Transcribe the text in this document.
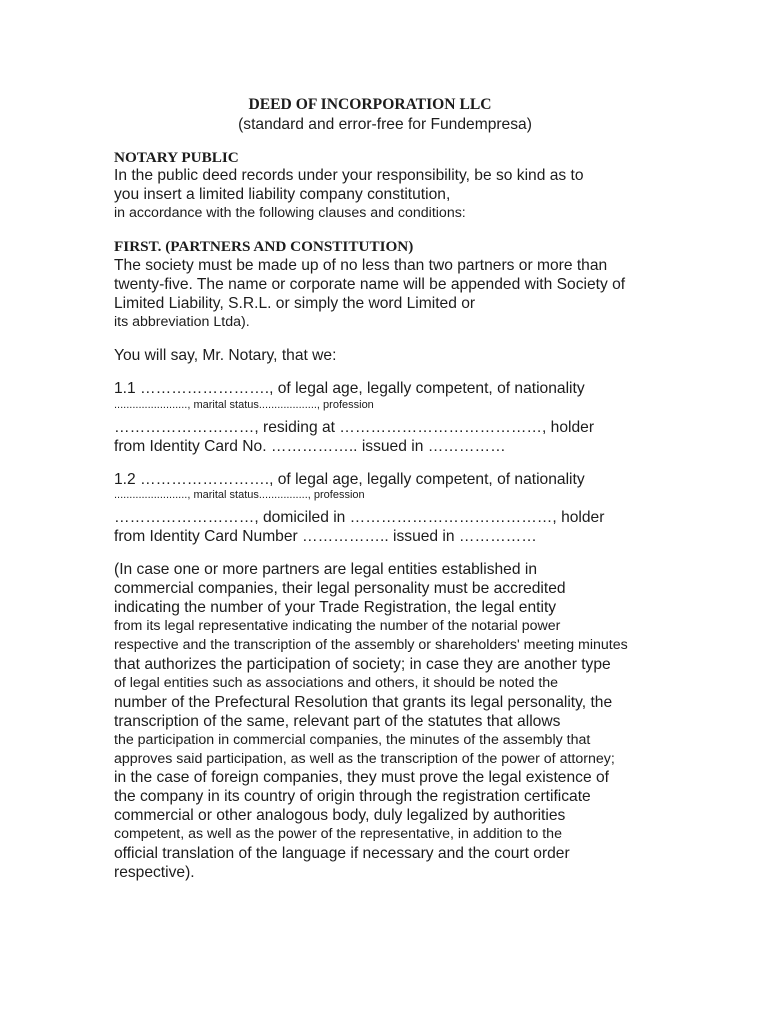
DEED OF INCORPORATION LLC
(standard and error-free for Fundempresa)
NOTARY PUBLIC
In the public deed records under your responsibility, be so kind as to
you insert a limited liability company constitution,
in accordance with the following clauses and conditions:
FIRST. (PARTNERS AND CONSTITUTION)
The society must be made up of no less than two partners or more than
twenty-five. The name or corporate name will be appended with Society of
Limited Liability, S.R.L. or simply the word Limited or
its abbreviation Ltda).
You will say, Mr. Notary, that we:
1.1 ……………………., of legal age, legally competent, of nationality
........................, marital status..................., profession
………………………, residing at …………………………………, holder
from Identity Card No. …………….. issued in ……………
1.2 ……………………., of legal age, legally competent, of nationality
........................, marital status................, profession
………………………, domiciled in …………………………………, holder
from Identity Card Number …………….. issued in ……………
(In case one or more partners are legal entities established in
commercial companies, their legal personality must be accredited
indicating the number of your Trade Registration, the legal entity
from its legal representative indicating the number of the notarial power
respective and the transcription of the assembly or shareholders' meeting minutes
that authorizes the participation of society; in case they are another type
of legal entities such as associations and others, it should be noted the
number of the Prefectural Resolution that grants its legal personality, the
transcription of the same, relevant part of the statutes that allows
the participation in commercial companies, the minutes of the assembly that
approves said participation, as well as the transcription of the power of attorney;
in the case of foreign companies, they must prove the legal existence of
the company in its country of origin through the registration certificate
commercial or other analogous body, duly legalized by authorities
competent, as well as the power of the representative, in addition to the
official translation of the language if necessary and the court order
respective).
